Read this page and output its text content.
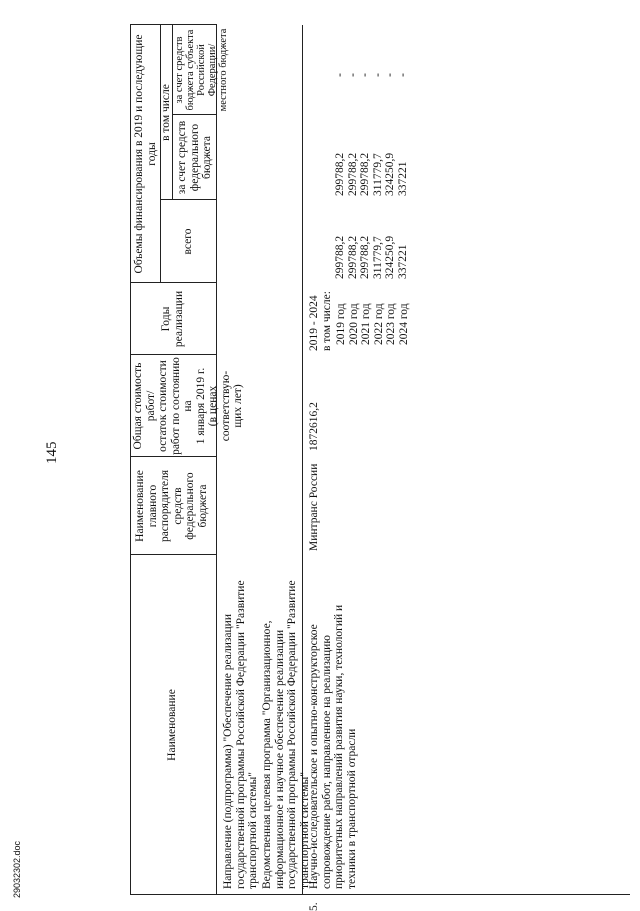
29032302.doc
Наименование
Наименование главного распорядителя средств федерального бюджета
Общая стоимость работ/ остаток стоимости работ по состоянию на 1 января 2019 г. (в ценах соответствую- щих лет)
Годы реализации
Объемы финансирования в 2019 и последующие годы
всего
в том числе
за счет средств федерального бюджета
за счет средств бюджета субъекта Российской Федерации/ местного бюджета
Направление (подпрограмма) "Обеспечение реализации государственной программы Российской Федерации "Развитие транспортной системы" Ведомственная целевая программа "Организационное, информационное и научное обеспечение реализации государственной программы Российской Федерации "Развитие транспортной системы"
5.
Научно-исследовательское и опытно-конструкторское сопровождение работ, направленное на реализацию приоритетных направлений развития науки, технологий и техники в транспортной отрасли
Минтранс России
1872616,2
2019 - 2024 в том числе: 2019 год 2020 год 2021 год 2022 год 2023 год 2024 год
299788,2 299788,2 299788,2 311779,7 324250,9 337221
299788,2 299788,2 299788,2 311779,7 324250,9 337221
- - - - - -
145
